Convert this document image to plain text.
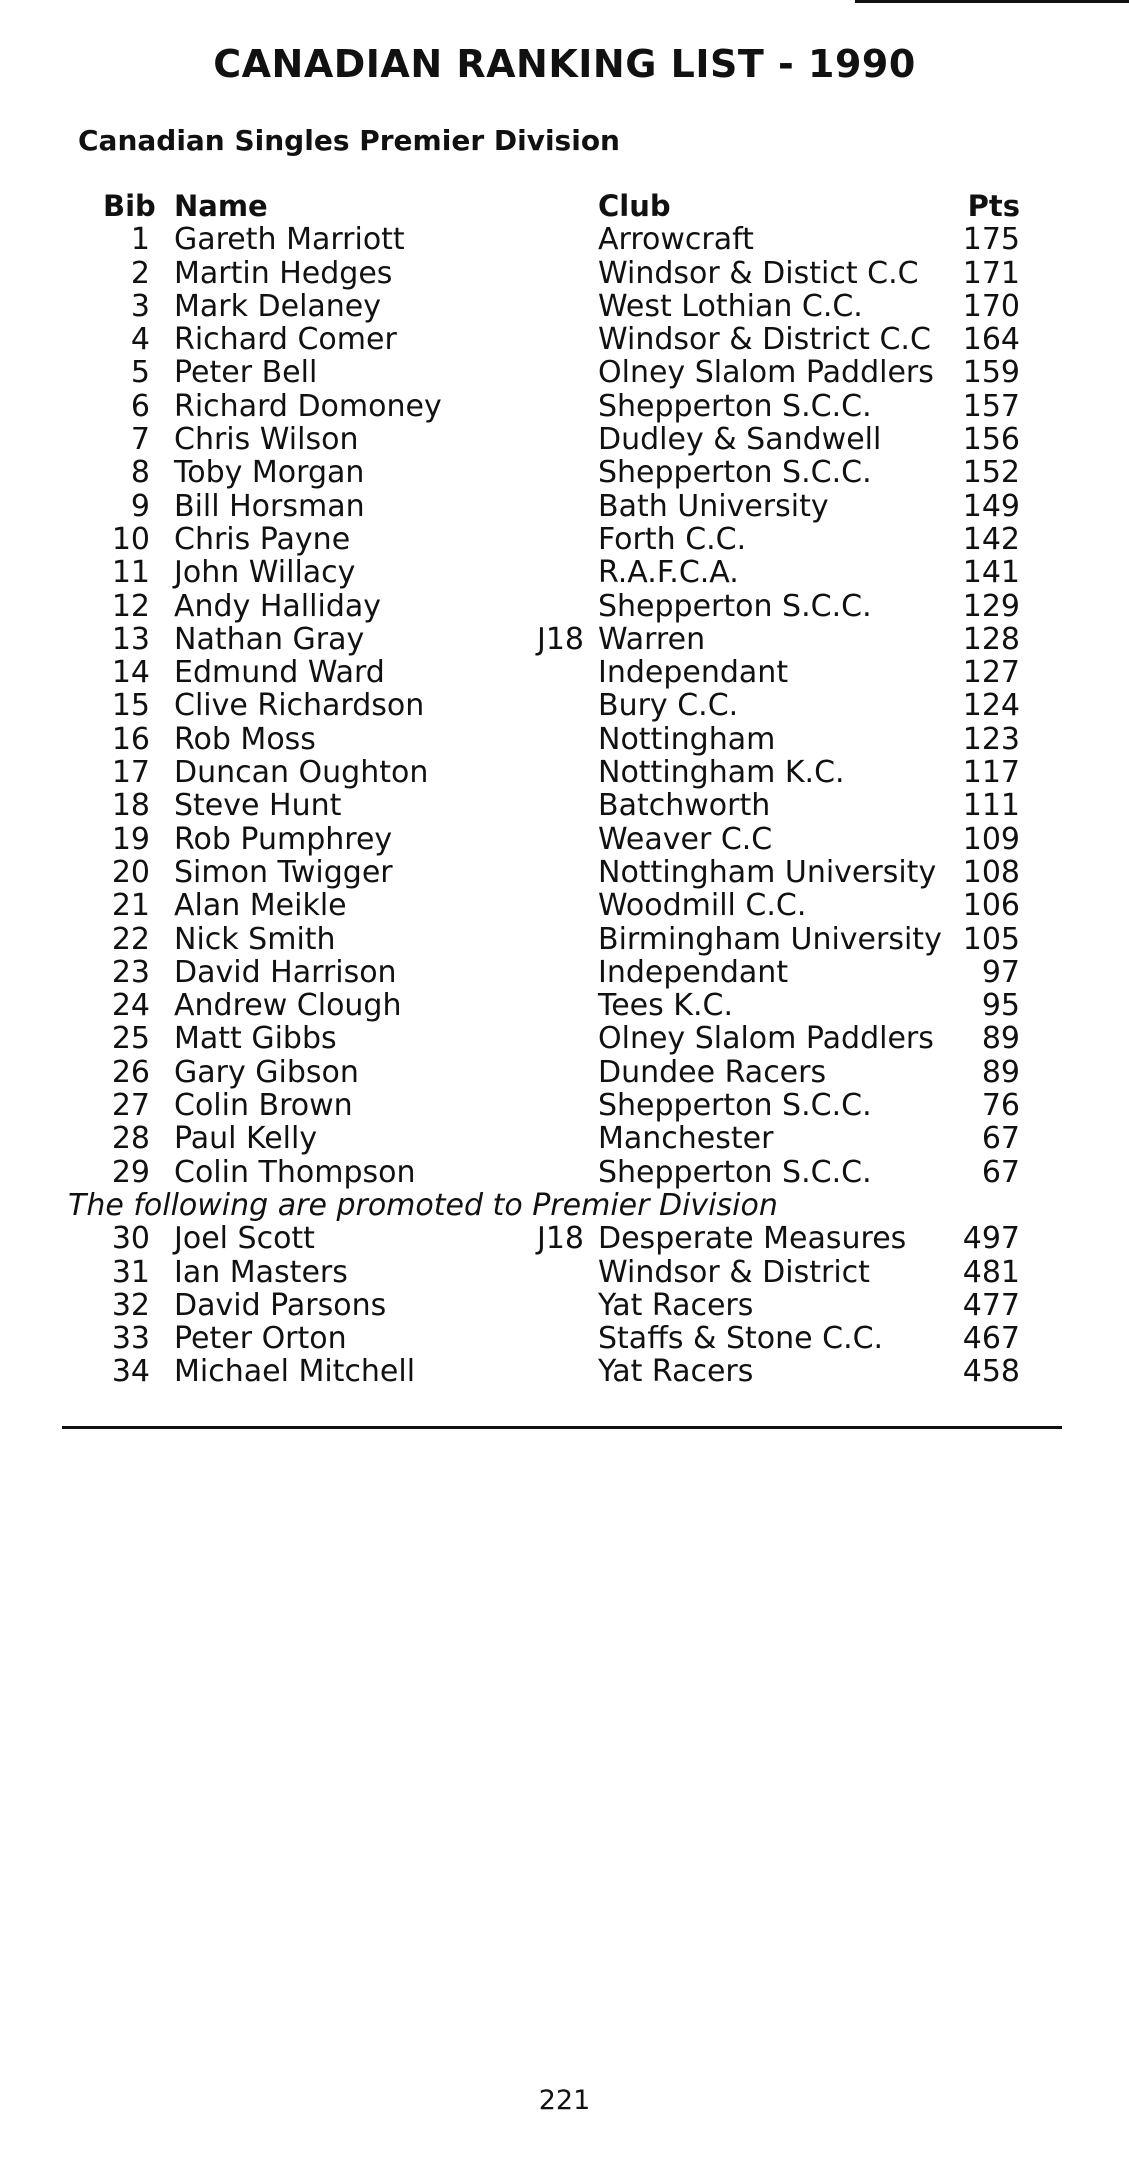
CANADIAN RANKING LIST - 1990
Canadian Singles Premier Division
Bib Name	Club	Pts
1 Gareth Marriott	Arrowcraft	175
2 Martin Hedges	Windsor & Distict C.C	171
3 Mark Delaney	West Lothian C.C.	170
4 Richard Comer	Windsor & District C.C	164
5 Peter Bell	Olney Slalom Paddlers 159
6 Richard Domoney	Shepperton S.C.C.	157
7 Chris Wilson	Dudley & Sandwell	156
8 Toby Morgan	Shepperton S.C.C.	152
9 Bill Horsman	Bath University	149
10 Chris Payne	Forth C.C.	142
11 John Willacy	R.A.F.C.A.	141
12 Andy Halliday	Shepperton S.C.C.	129
13 Nathan Gray	J18 Warren	128
14 Edmund Ward	Independant	127
15 Clive Richardson	Bury C.C.	124
16 Rob Moss	Nottingham	123
17 Duncan Oughton	Nottingham K.C.	117
18 Steve Hunt	Batchworth	111
19 Rob Pumphrey	Weaver C.C	109
20 Simon Twigger	Nottingham University 108
21 Alan Meikle	Woodmill C.C.	106
22 Nick Smith	Birmingham University 105
23 David Harrison	Independant	97
24 Andrew Clough	Tees K.C.	95
25 Matt Gibbs	Olney Slalom Paddlers	89
26 Gary Gibson	Dundee Racers	89
27 Colin Brown	Shepperton S.C.C.	76
28 Paul Kelly	Manchester	67
29 Colin Thompson	Shepperton S.C.C.	67
The following are promoted to Premier Division
30 Joel Scott	J18 Desperate Measures	497
31 Ian Masters	Windsor & District	481
32 David Parsons	Yat Racers	477
33 Peter Orton	Staffs & Stone C.C.	467
34 Michael Mitchell	Yat Racers	458
221
